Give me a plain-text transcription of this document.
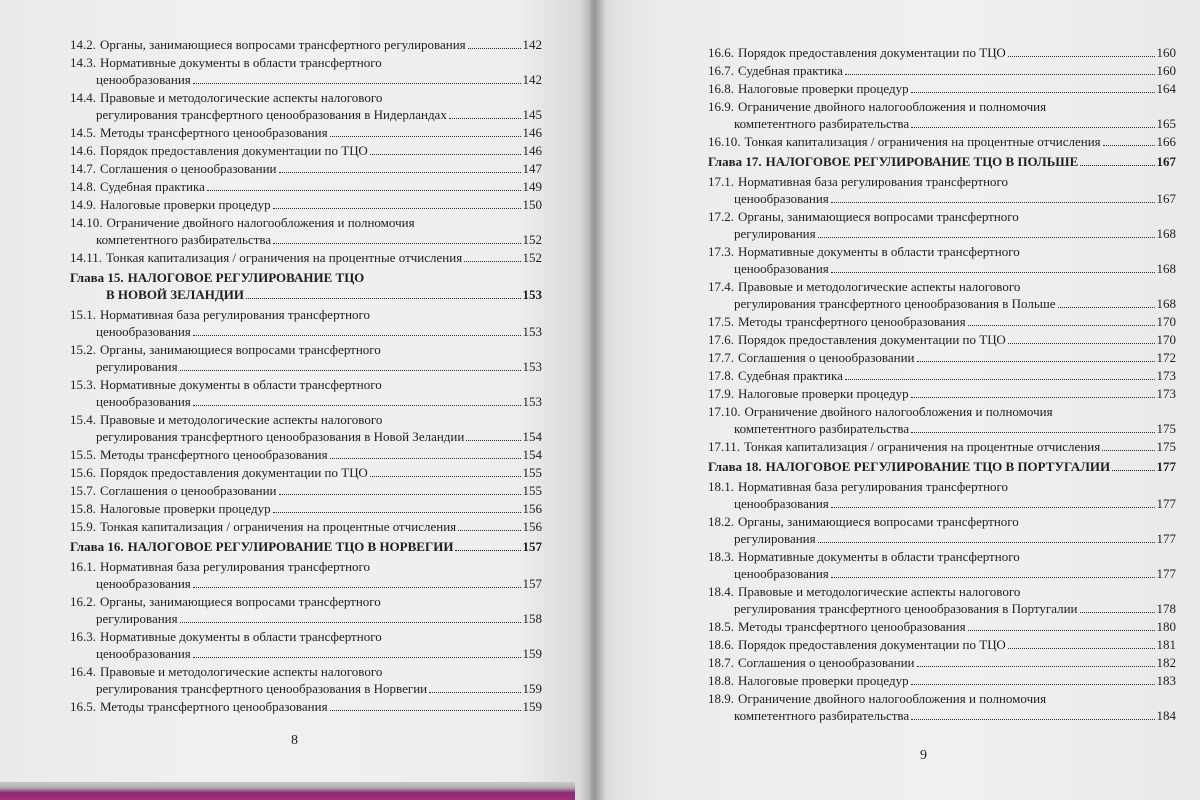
14.2. Органы, занимающиеся вопросами трансфертного регулирования	142
14.3. Нормативные документы в области трансфертного
ценообразования	142
14.4. Правовые и методологические аспекты налогового
регулирования трансфертного ценообразования в Нидерландах	145
14.5. Методы трансфертного ценообразования	146
14.6. Порядок предоставления документации по ТЦО	146
14.7. Соглашения о ценообразовании	147
14.8. Судебная практика	149
14.9. Налоговые проверки процедур	150
14.10. Ограничение двойного налогообложения и полномочия
компетентного разбирательства	152
14.11. Тонкая капитализация / ограничения на процентные отчисления	152
Глава 15. НАЛОГОВОЕ РЕГУЛИРОВАНИЕ ТЦО
В НОВОЙ ЗЕЛАНДИИ	153
15.1. Нормативная база регулирования трансфертного
ценообразования	153
15.2. Органы, занимающиеся вопросами трансфертного
регулирования	153
15.3. Нормативные документы в области трансфертного
ценообразования	153
15.4. Правовые и методологические аспекты налогового
регулирования трансфертного ценообразования в Новой Зеландии	154
15.5. Методы трансфертного ценообразования	154
15.6. Порядок предоставления документации по ТЦО	155
15.7. Соглашения о ценообразовании	155
15.8. Налоговые проверки процедур	156
15.9. Тонкая капитализация / ограничения на процентные отчисления	156
Глава 16. НАЛОГОВОЕ РЕГУЛИРОВАНИЕ ТЦО В НОРВЕГИИ	157
16.1. Нормативная база регулирования трансфертного
ценообразования	157
16.2. Органы, занимающиеся вопросами трансфертного
регулирования	158
16.3. Нормативные документы в области трансфертного
ценообразования	159
16.4. Правовые и методологические аспекты налогового
регулирования трансфертного ценообразования в Норвегии	159
16.5. Методы трансфертного ценообразования	159
8
16.6. Порядок предоставления документации по ТЦО	160
16.7. Судебная практика	160
16.8. Налоговые проверки процедур	164
16.9. Ограничение двойного налогообложения и полномочия
компетентного разбирательства	165
16.10. Тонкая капитализация / ограничения на процентные отчисления	166
Глава 17. НАЛОГОВОЕ РЕГУЛИРОВАНИЕ ТЦО В ПОЛЬШЕ	167
17.1. Нормативная база регулирования трансфертного
ценообразования	167
17.2. Органы, занимающиеся вопросами трансфертного
регулирования	168
17.3. Нормативные документы в области трансфертного
ценообразования	168
17.4. Правовые и методологические аспекты налогового
регулирования трансфертного ценообразования в Польше	168
17.5. Методы трансфертного ценообразования	170
17.6. Порядок предоставления документации по ТЦО	170
17.7. Соглашения о ценообразовании	172
17.8. Судебная практика	173
17.9. Налоговые проверки процедур	173
17.10. Ограничение двойного налогообложения и полномочия
компетентного разбирательства	175
17.11. Тонкая капитализация / ограничения на процентные отчисления	175
Глава 18. НАЛОГОВОЕ РЕГУЛИРОВАНИЕ ТЦО В ПОРТУГАЛИИ	177
18.1. Нормативная база регулирования трансфертного
ценообразования	177
18.2. Органы, занимающиеся вопросами трансфертного
регулирования	177
18.3. Нормативные документы в области трансфертного
ценообразования	177
18.4. Правовые и методологические аспекты налогового
регулирования трансфертного ценообразования в Португалии	178
18.5. Методы трансфертного ценообразования	180
18.6. Порядок предоставления документации по ТЦО	181
18.7. Соглашения о ценообразовании	182
18.8. Налоговые проверки процедур	183
18.9. Ограничение двойного налогообложения и полномочия
компетентного разбирательства	184
9
